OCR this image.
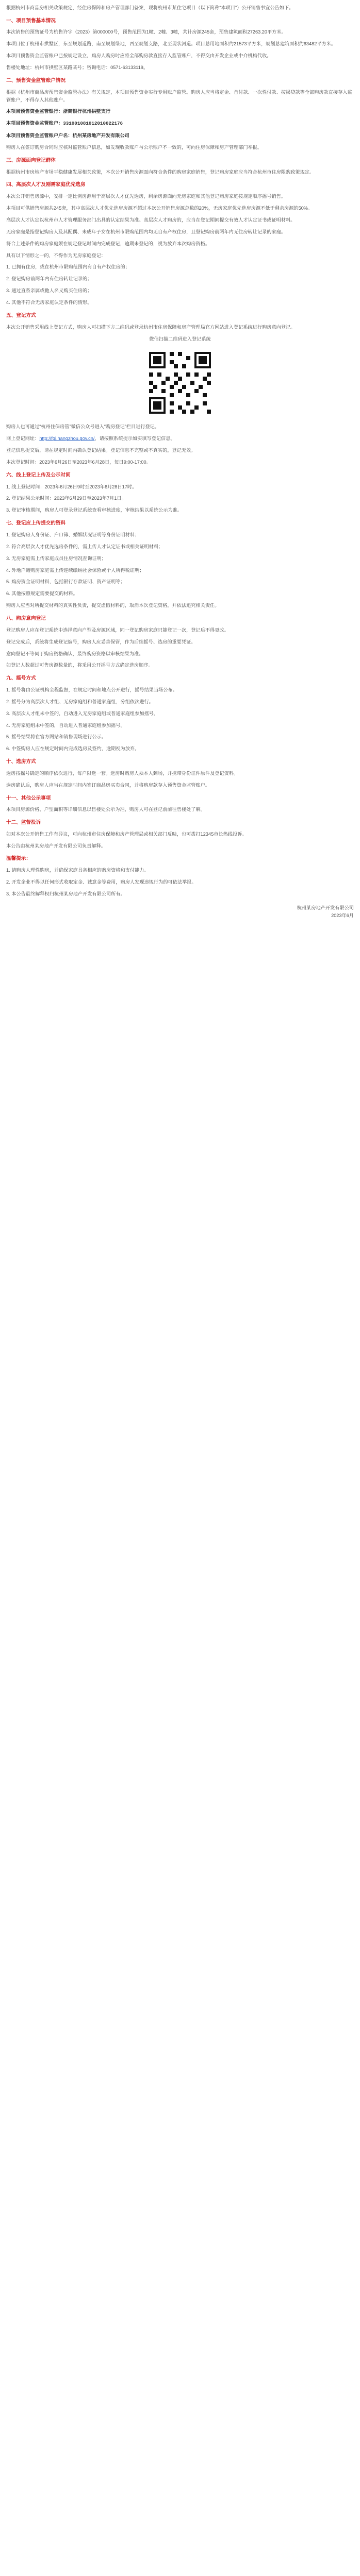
根据杭州市商品房相关政策规定，经住房保障和房产管理部门备案，现将杭州市某住宅项目（以下简称“本项目”）公开销售事宜公告如下。

一、项目预售基本情况

本次销售的预售证号为杭售许字（2023）第000000号，预售范围为1幢、2幢、3幢，共计房源245套，预售建筑面积27263.20平方米。

本项目位于杭州市拱墅区，东至规划道路，南至规划绿地，西至规划支路，北至现状河道。项目总用地面积约21573平方米，规划总建筑面积约63482平方米。

本项目预售资金监管账户已按规定设立，购房人购房时应将全部购房款直接存入监管账户，不得交由开发企业或中介机构代收。

售楼处地址：杭州市拱墅区某路某号；咨询电话：0571-63133119。

二、预售资金监管账户情况

根据《杭州市商品房预售资金监管办法》有关规定，本项目预售资金实行专用账户监管。购房人应当将定金、首付款、一次性付款、按揭贷款等全部购房款直接存入监管账户，不得存入其他账户。

本项目预售资金监管银行：浙商银行杭州拱墅支行

本项目预售资金监管账户：331001081012010022176

本项目预售资金监管账户户名：杭州某房地产开发有限公司

购房人在签订购房合同时应核对监管账户信息，如发现收款账户与公示账户不一致的，可向住房保障和房产管理部门举报。

三、房源面向登记群体

根据杭州市房地产市场平稳健康发展相关政策，本次公开销售房源面向符合条件的购房家庭销售，登记购房家庭应当符合杭州市住房限购政策规定。

四、高层次人才及刚需家庭优先选房

本次公开销售房源中，安排一定比例房源用于高层次人才优先选房，剩余房源面向无房家庭和其他登记购房家庭按规定顺序摇号销售。

本项目可供销售房源共245套，其中高层次人才优先选房房源不超过本次公开销售房源总数的20%，无房家庭优先选房房源不低于剩余房源的50%。

高层次人才认定以杭州市人才管理服务部门出具的认定结果为准。高层次人才购房的，应当在登记期间提交有效人才认定证书或证明材料。

无房家庭是指登记购房人及其配偶、未成年子女在杭州市限购范围内均无自有产权住房，且登记购房前两年内无住房转让记录的家庭。

符合上述条件的购房家庭须在规定登记时间内完成登记，逾期未登记的，视为放弃本次购房资格。

具有以下情形之一的，不得作为无房家庭登记：

1. 已拥有住房，或在杭州市限购范围内有自有产权住房的；

2. 登记购房前两年内有住房转让记录的；

3. 通过直系亲属或他人名义购买住房的；

4. 其他不符合无房家庭认定条件的情形。

五、登记方式

本次公开销售采用线上登记方式，购房人可扫描下方二维码或登录杭州市住房保障和房产管理局官方网站进入登记系统进行购房意向登记。

微信扫描二维码进入登记系统

购房人也可通过“杭州住保房管”微信公众号进入“购房登记”栏目进行登记。

网上登记网址：http://fgj.hangzhou.gov.cn/，请按照系统提示如实填写登记信息。

登记信息提交后，请在规定时间内确认登记结果。登记信息不完整或不真实的，登记无效。

本次登记时间：2023年6月26日至2023年6月28日，每日9:00-17:00。

六、线上登记上传及公示时间

1. 线上登记时间：2023年6月26日9时至2023年6月28日17时。

2. 登记结果公示时间：2023年6月29日至2023年7月1日。

3. 登记审核期间，购房人可登录登记系统查看审核进度，审核结果以系统公示为准。

七、登记应上传提交的资料

1. 登记购房人身份证、户口簿、婚姻状况证明等身份证明材料；

2. 符合高层次人才优先选房条件的，需上传人才认定证书或相关证明材料；

3. 无房家庭需上传家庭成员住房情况查询证明；

4. 外地户籍购房家庭需上传连续缴纳社会保险或个人所得税证明；

5. 购房资金证明材料，包括银行存款证明、资产证明等；

6. 其他按照规定需要提交的材料。

购房人应当对所提交材料的真实性负责，提交虚假材料的，取消本次登记资格，并依法追究相关责任。

八、购房意向登记

登记购房人应在登记系统中选择意向户型及房源区域，同一登记购房家庭只能登记一次，登记后不得更改。

登记完成后，系统将生成登记编号，购房人应妥善保管，作为后续摇号、选房的重要凭证。

意向登记不等同于购房资格确认，最终购房资格以审核结果为准。

如登记人数超过可售房源数量的，将采用公开摇号方式确定选房顺序。

九、摇号方式

1. 摇号将由公证机构全程监督，在规定时间和地点公开进行，摇号结果当场公布。

2. 摇号分为高层次人才组、无房家庭组和普通家庭组，分组依次进行。

3. 高层次人才组未中签的，自动进入无房家庭组或普通家庭组参加摇号。

4. 无房家庭组未中签的，自动进入普通家庭组参加摇号。

5. 摇号结果将在官方网站和销售现场进行公示。

6. 中签购房人应在规定时间内完成选房及签约，逾期视为放弃。

十、选房方式

选房按摇号确定的顺序依次进行，每户限选一套。选房时购房人须本人到场，并携带身份证件原件及登记资料。

选房确认后，购房人应当在规定时间内签订商品房买卖合同，并将购房款存入预售资金监管账户。

十一、其他公示事项

本项目房源价格、户型面积等详细信息以售楼处公示为准，购房人可在登记前前往售楼处了解。

十二、监督投诉

如对本次公开销售工作有异议，可向杭州市住房保障和房产管理局或相关部门反映，也可拨打12345市长热线投诉。

本公告由杭州某房地产开发有限公司负责解释。

温馨提示：

1. 请购房人理性购房，并确保家庭具备相应的购房资格和支付能力。

2. 开发企业不得以任何形式收取定金、诚意金等费用，购房人发现违规行为的可依法举报。

3. 本公告最终解释权归杭州某房地产开发有限公司所有。

杭州某房地产开发有限公司

2023年6月
